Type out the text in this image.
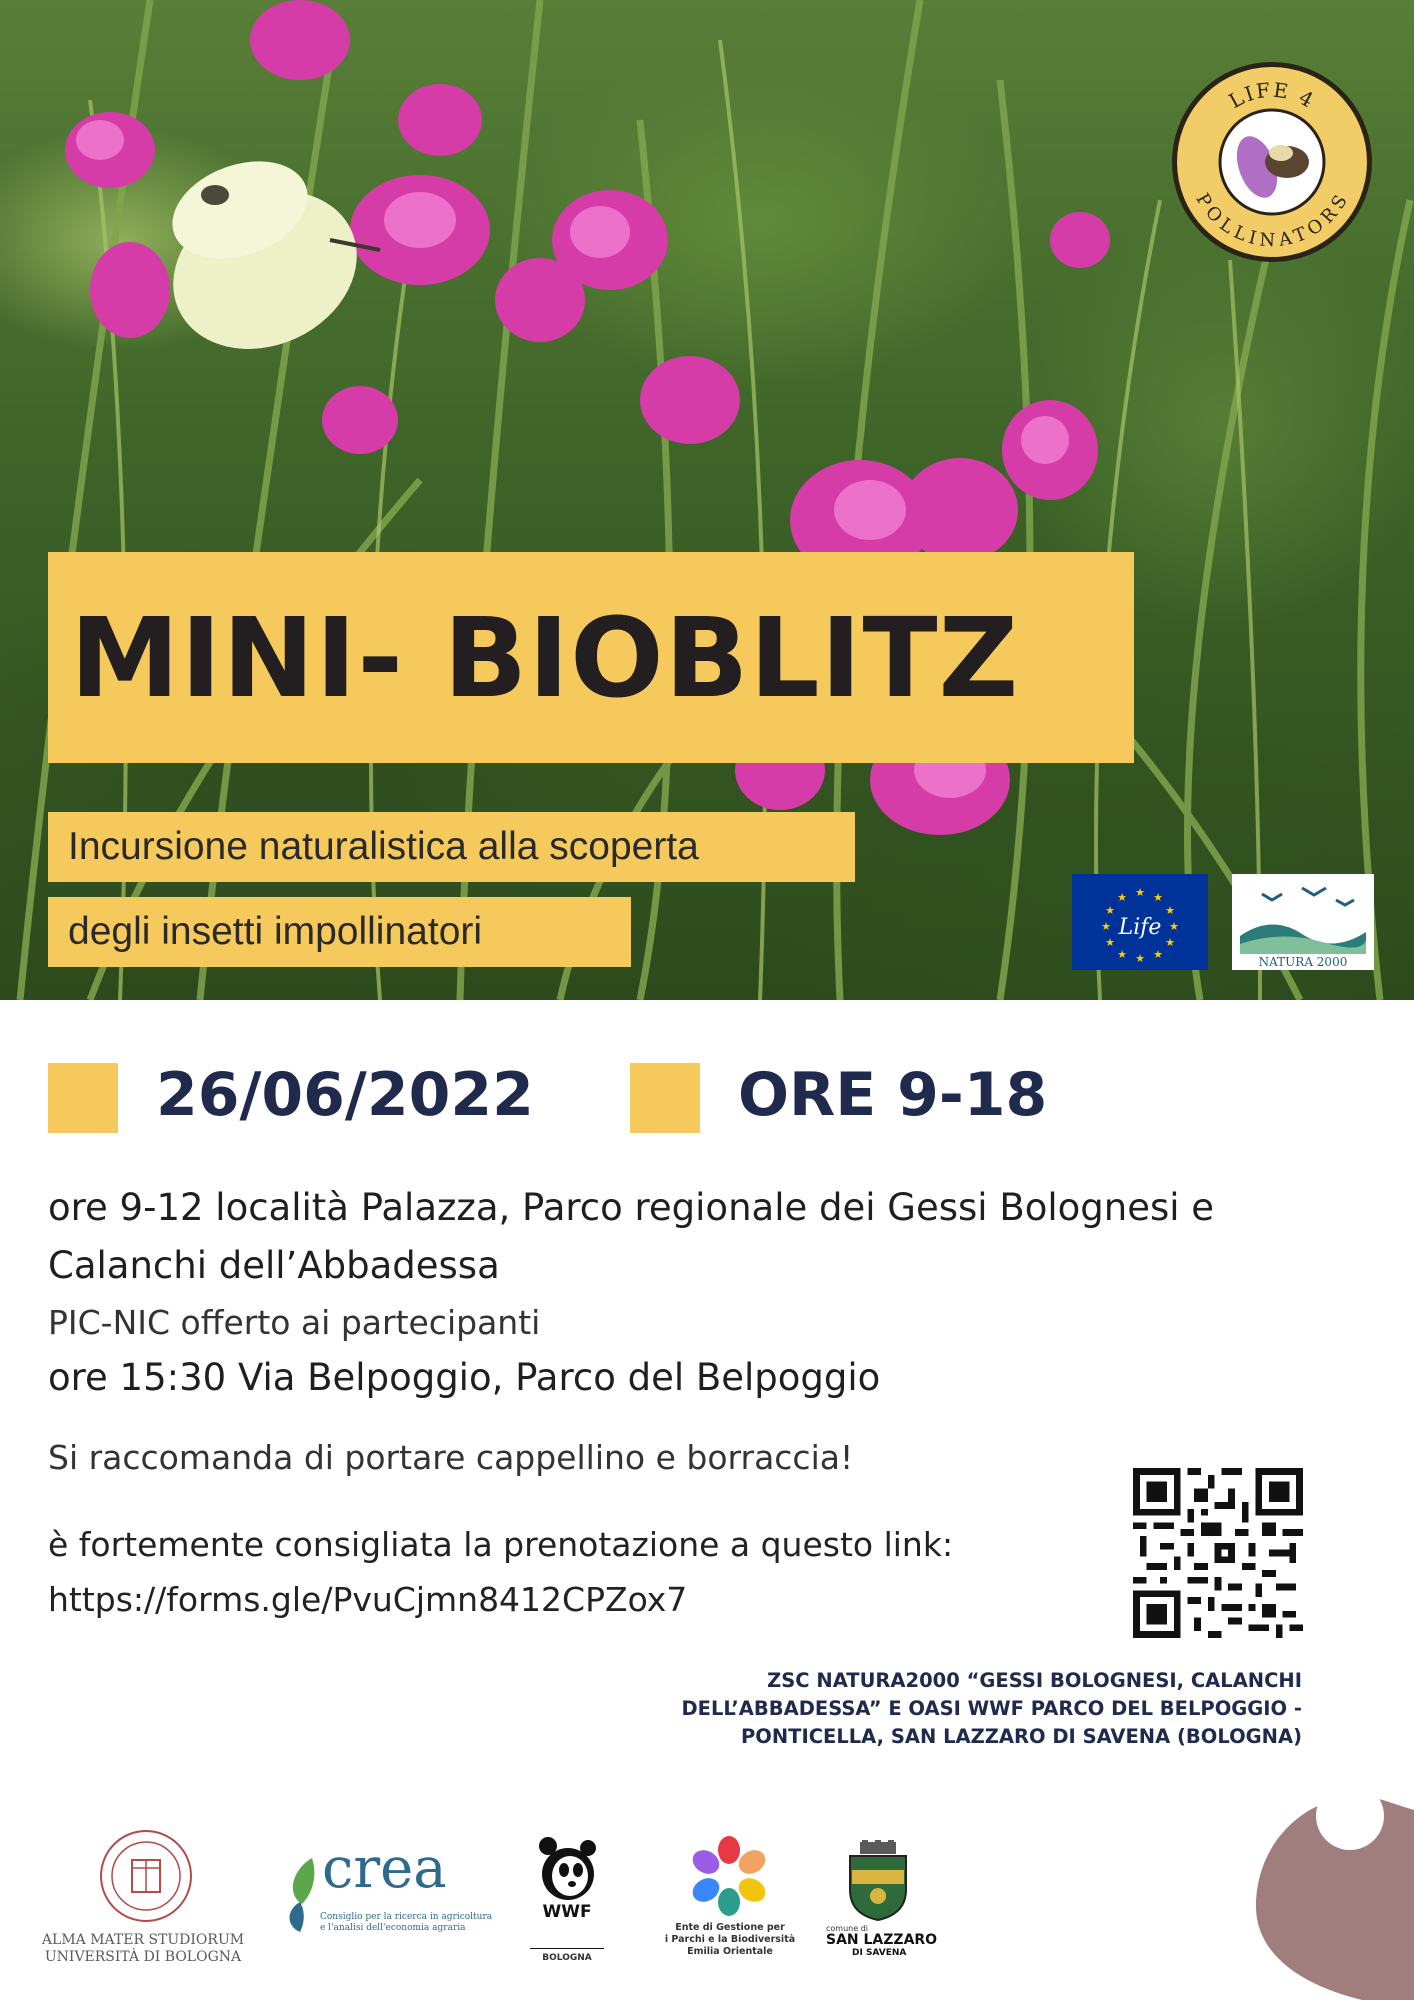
LIFE 4
POLLINATORS
MINI- BIOBLITZ
Incursione naturalistica alla scoperta
degli insetti impollinatori
★ ★
★
★
★
★
★
★
★
★
★
★
Life
NATURA 2000
26/06/2022	ORE 9-18
ore 9-12 località Palazza, Parco regionale dei Gessi Bolognesi e
Calanchi dell’Abbadessa
PIC-NIC offerto ai partecipanti
ore 15:30 Via Belpoggio, Parco del Belpoggio
Si raccomanda di portare cappellino e borraccia!
è fortemente consigliata la prenotazione a questo link:
https://forms.gle/PvuCjmn8412CPZox7
ZSC NATURA2000 “GESSI BOLOGNESI, CALANCHI
DELL’ABBADESSA” E OASI WWF PARCO DEL BELPOGGIO -
PONTICELLA, SAN LAZZARO DI SAVENA (BOLOGNA)
ALMA MATER STUDIORUM
UNIVERSITÀ DI BOLOGNA
crea
Consiglio per la ricerca in agricoltura
e l'analisi dell'economia agraria
WWF
BOLOGNA
Ente di Gestione per
i Parchi e la Biodiversità
Emilia Orientale
comune di
SAN LAZZARO
DI SAVENA
